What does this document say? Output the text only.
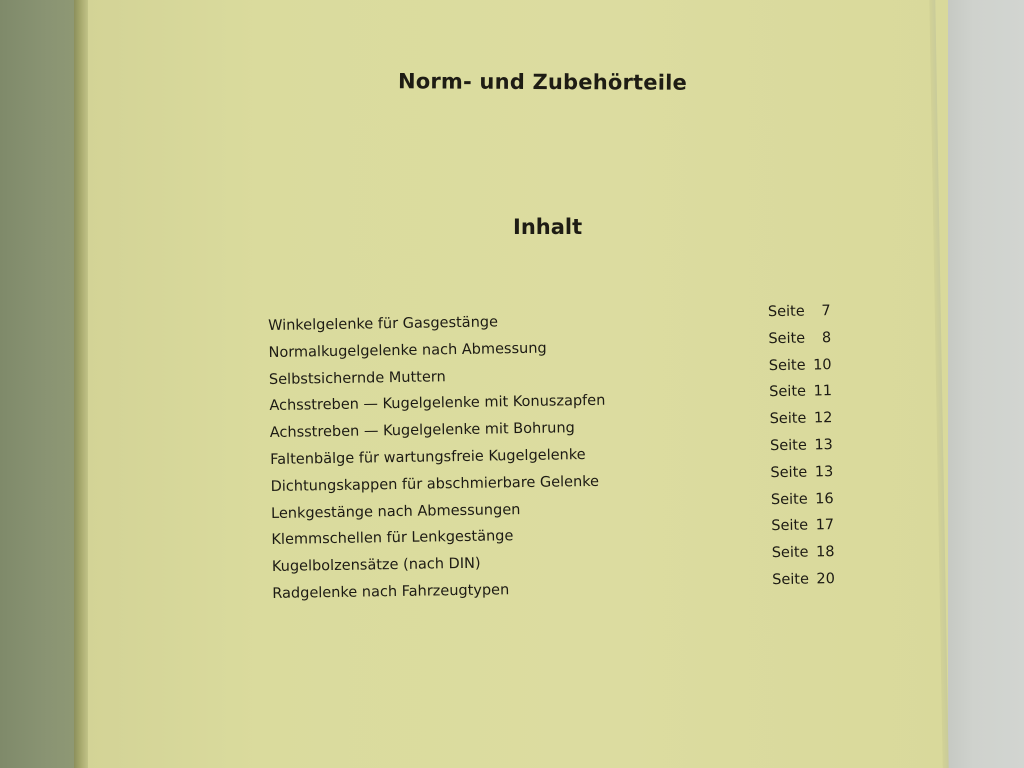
Norm- und Zubehörteile
Inhalt
Winkelgelenke für Gasgestänge
Seite 7
Normalkugelgelenke nach Abmessung
Seite 8
Selbstsichernde Muttern
Seite 10
Achsstreben — Kugelgelenke mit Konuszapfen
Seite 11
Achsstreben — Kugelgelenke mit Bohrung
Seite 12
Faltenbälge für wartungsfreie Kugelgelenke
Seite 13
Dichtungskappen für abschmierbare Gelenke
Seite 13
Lenkgestänge nach Abmessungen
Seite 16
Klemmschellen für Lenkgestänge
Seite 17
Kugelbolzensätze (nach DIN)
Seite 18
Radgelenke nach Fahrzeugtypen
Seite 20
